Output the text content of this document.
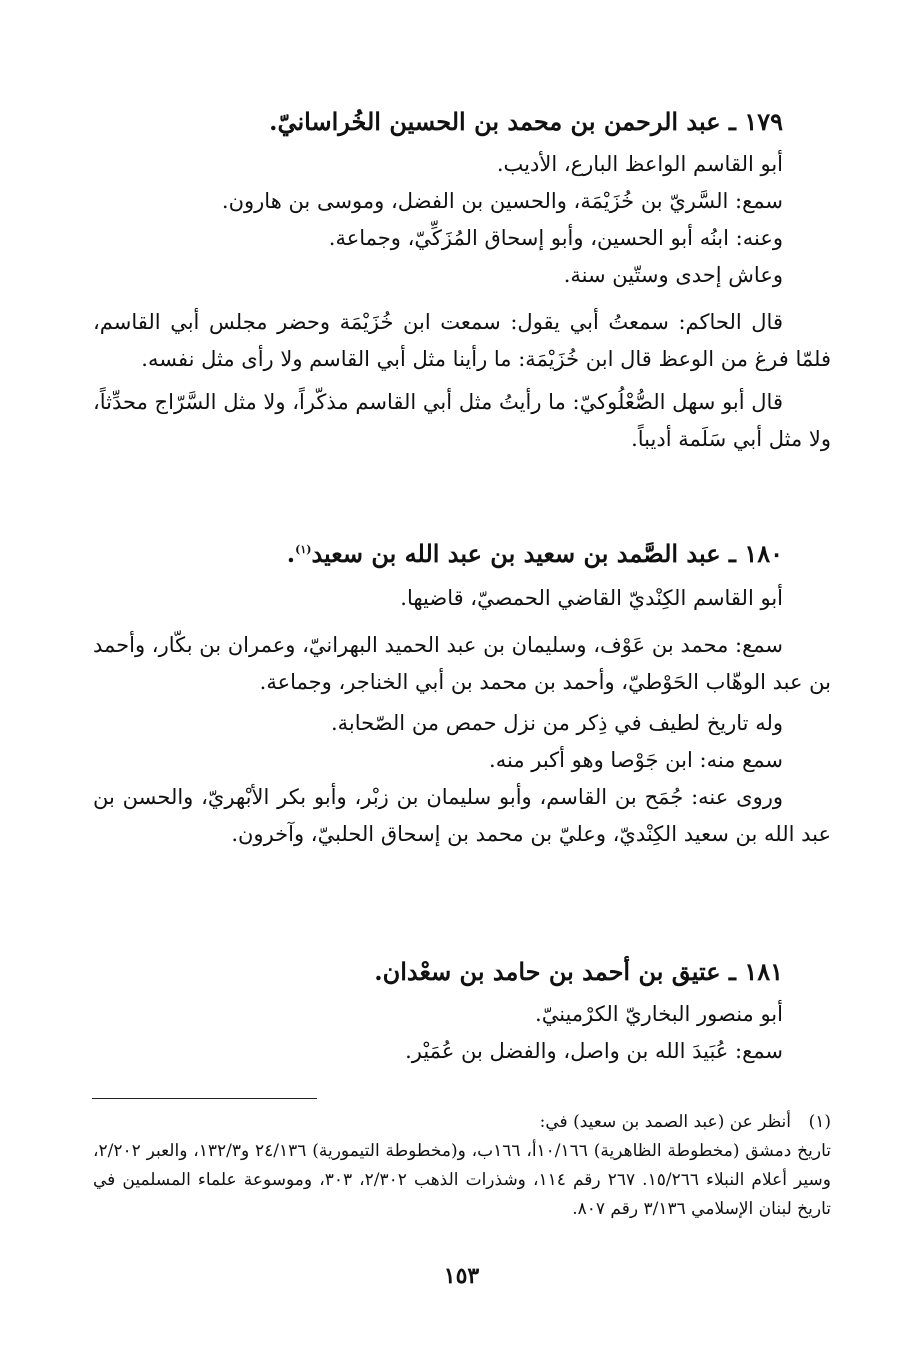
١٧٩ ـ عبد الرحمن بن محمد بن الحسين الخُراسانيّ.
أبو القاسم الواعظ البارع، الأديب.
سمع: السَّريّ بن خُزَيْمَة، والحسين بن الفضل، وموسى بن هارون.
وعنه: ابنُه أبو الحسين، وأبو إسحاق المُزَكِّيّ، وجماعة.
وعاش إحدى وستّين سنة.
قال الحاكم: سمعتُ أبي يقول: سمعت ابن خُزَيْمَة وحضر مجلس أبي القاسم، فلمّا فرغ من الوعظ قال ابن خُزَيْمَة: ما رأينا مثل أبي القاسم ولا رأى مثل نفسه.
قال أبو سهل الصُّعْلُوكيّ: ما رأيتُ مثل أبي القاسم مذكّراً، ولا مثل السَّرّاج محدِّثاً، ولا مثل أبي سَلَمة أديباً.
١٨٠ ـ عبد الصَّمد بن سعيد بن عبد الله بن سعيد$^{(١)}$.
أبو القاسم الكِنْديّ القاضي الحمصيّ، قاضيها.
سمع: محمد بن عَوْف، وسليمان بن عبد الحميد البهرانيّ، وعمران بن بكّار، وأحمد بن عبد الوهّاب الحَوْطيّ، وأحمد بن محمد بن أبي الخناجر، وجماعة.
وله تاريخ لطيف في ذِكر من نزل حمص من الصّحابة.
سمع منه: ابن جَوْصا وهو أكبر منه.
وروى عنه: جُمَح بن القاسم، وأبو سليمان بن زبْر، وأبو بكر الأبْهريّ، والحسن بن عبد الله بن سعيد الكِنْديّ، وعليّ بن محمد بن إسحاق الحلبيّ، وآخرون.
١٨١ ـ عتيق بن أحمد بن حامد بن سعْدان.
أبو منصور البخاريّ الكرْمينيّ.
سمع: عُبَيدَ الله بن واصل، والفضل بن عُمَيْر.
(١)أنظر عن (عبد الصمد بن سعيد) في:
تاريخ دمشق (مخطوطة الظاهرية) ١٠/١٦٦أ، ١٦٦ب، و(مخطوطة التيمورية) ٢٤/١٣٦ و١٣٢/٣، والعبر ٢/٢٠٢، وسير أعلام النبلاء ١٥/٢٦٦. ٢٦٧ رقم ١١٤، وشذرات الذهب ٢/٣٠٢، ٣٠٣، وموسوعة علماء المسلمين في تاريخ لبنان الإسلامي ٣/١٣٦ رقم ٨٠٧.
١٥٣
